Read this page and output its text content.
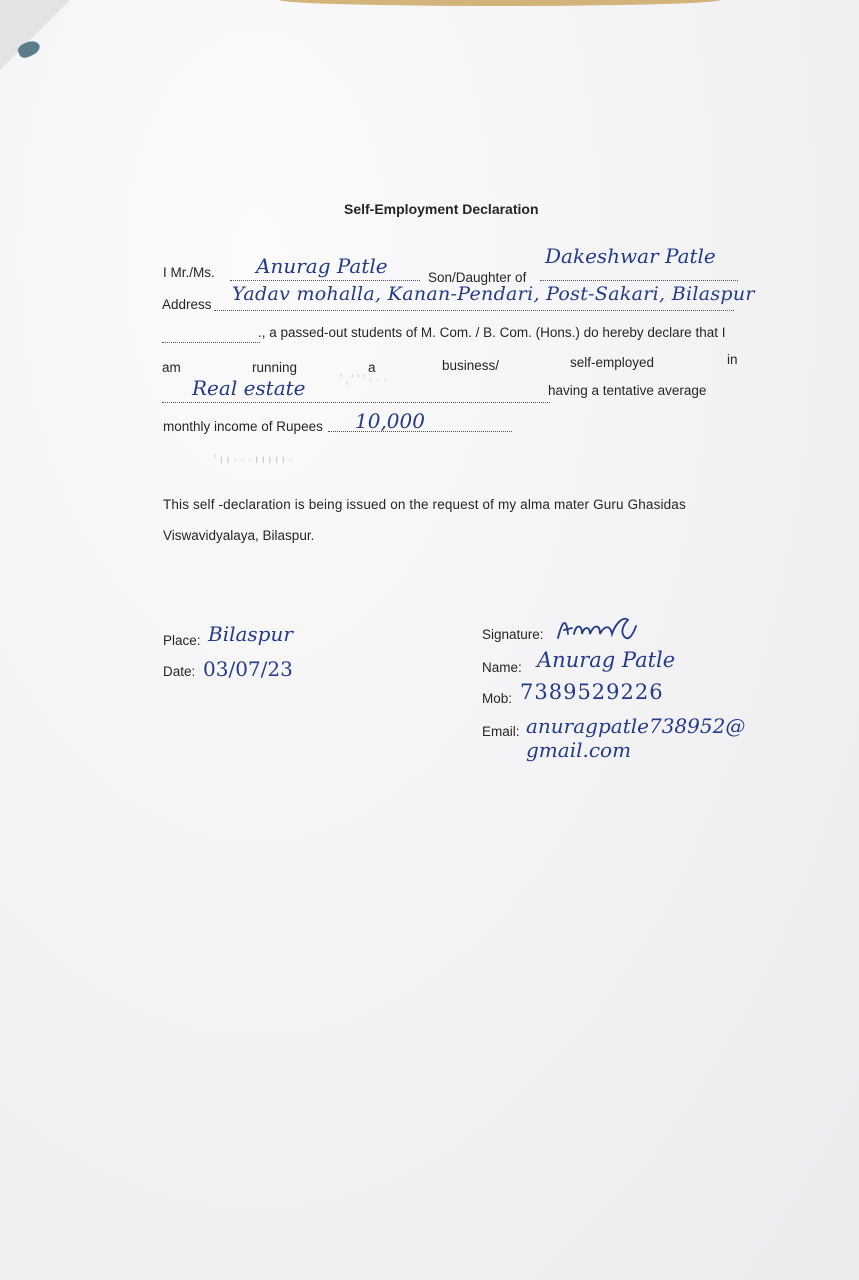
Self-Employment Declaration
I Mr./Ms. Anurag Patle	Son/Daughter of
Dakeshwar Patle
Address Yadav mohalla, Kanan-Pendari, Post-Sakari, Bilaspur
., a passed-out students of M. Com. / B. Com. (Hons.) do hereby declare that I
am	running	a	business/	self-employed	in
Real estate	' ‚ ' ' ' · · ·
having a tentative average
monthly income of Rupees 10,000
' ı ı · · · ı ı ı ı ı ·
This self -declaration is being issued on the request of my alma mater Guru Ghasidas
Viswavidyalaya, Bilaspur.
Place: Bilaspur
Date: 03/07/23
Signature:
Name: Anurag Patle
Mob: 7389529226
Email: anuragpatle738952@
gmail.com
